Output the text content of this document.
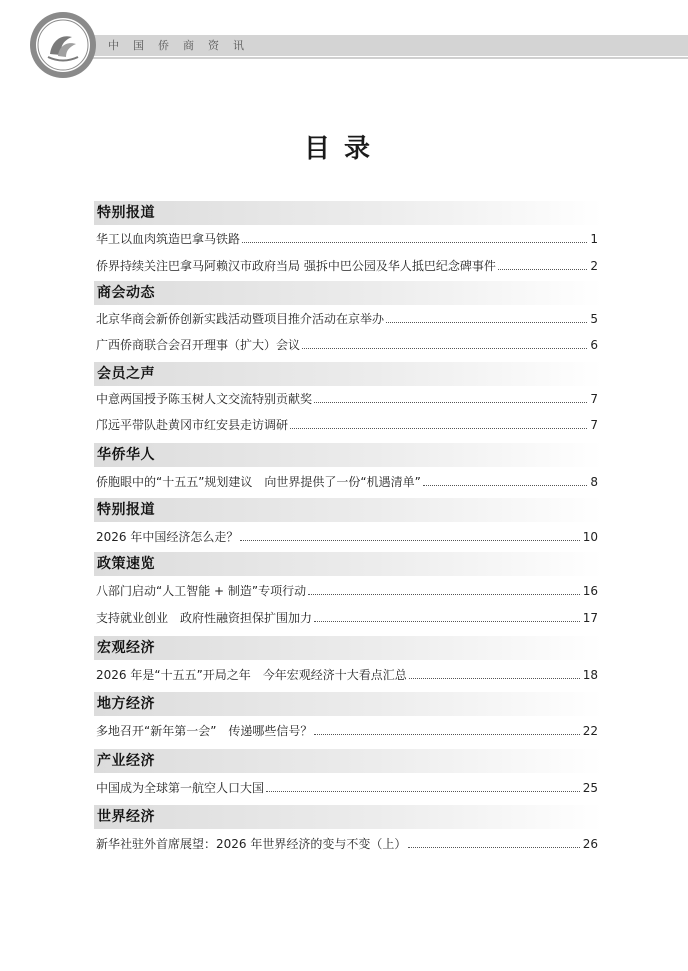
中国侨商资讯
目录
特别报道
华工以血肉筑造巴拿马铁路	1
侨界持续关注巴拿马阿赖汉市政府当局 强拆中巴公园及华人抵巴纪念碑事件	2
商会动态
北京华商会新侨创新实践活动暨项目推介活动在京举办	5
广西侨商联合会召开理事（扩大）会议	6
会员之声
中意两国授予陈玉树人文交流特别贡献奖	7
邝远平带队赴黄冈市红安县走访调研	7
华侨华人
侨胞眼中的“十五五”规划建议　向世界提供了一份“机遇清单”	8
特别报道
2026 年中国经济怎么走？	10
政策速览
八部门启动“人工智能 + 制造”专项行动	16
支持就业创业　政府性融资担保扩围加力	17
宏观经济
2026 年是“十五五”开局之年　今年宏观经济十大看点汇总	18
地方经济
多地召开“新年第一会”　传递哪些信号？	22
产业经济
中国成为全球第一航空人口大国	25
世界经济
新华社驻外首席展望：2026 年世界经济的变与不变（上）	26
